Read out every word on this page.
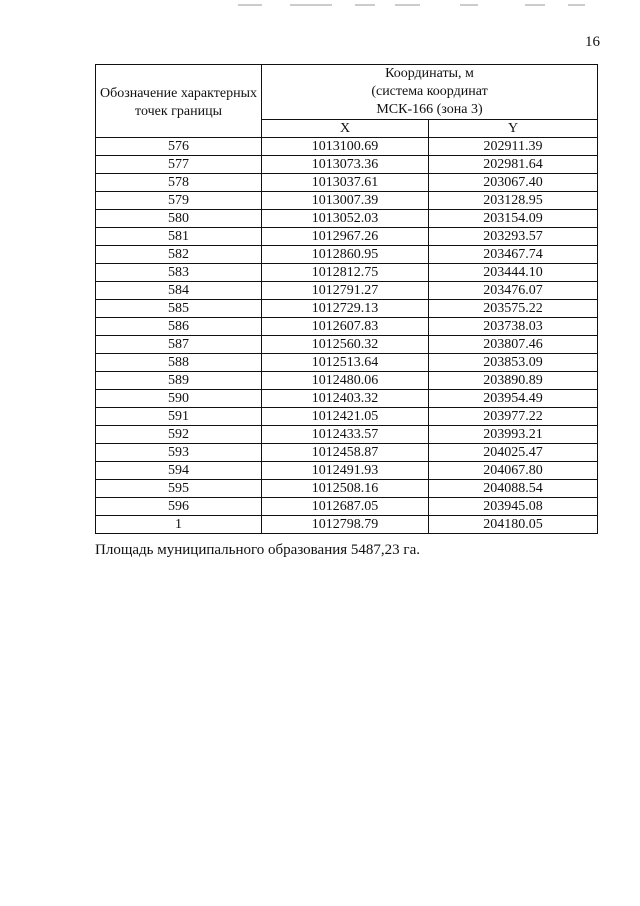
16
Обозначение характерных точек границы	Координаты, м
(система координат
МСК-166 (зона 3)	

	X	Y
576	1013100.69	202911.39
577	1013073.36	202981.64
578	1013037.61	203067.40
579	1013007.39	203128.95
580	1013052.03	203154.09
581	1012967.26	203293.57
582	1012860.95	203467.74
583	1012812.75	203444.10
584	1012791.27	203476.07
585	1012729.13	203575.22
586	1012607.83	203738.03
587	1012560.32	203807.46
588	1012513.64	203853.09
589	1012480.06	203890.89
590	1012403.32	203954.49
591	1012421.05	203977.22
592	1012433.57	203993.21
593	1012458.87	204025.47
594	1012491.93	204067.80
595	1012508.16	204088.54
596	1012687.05	203945.08
1	1012798.79	204180.05
Площадь муниципального образования 5487,23 га.
